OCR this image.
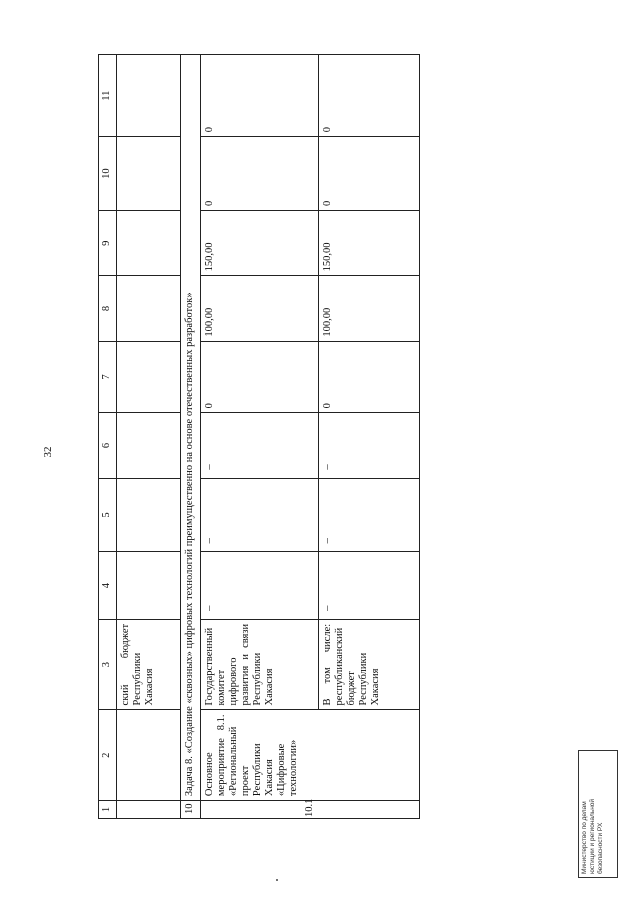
32
1	2	3	4	5	6	7	8	9	10	11
		ский бюджет Республики Хакасия								
10	Задача 8. «Создание «сквозных» цифровых технологий преимущественно на основе отечественных разработок»									
10.1	Основное мероприятие 8.1. «Региональный проект Республики Хакасия «Цифровые технологии»	Государственный комитет цифрового развития и связи Республики Хакасия	–	–	–	0	100,00	150,00	0	0
		В том числе: республиканский бюджет Республики Хакасия	–	–	–	0	100,00	150,00	0	0
Министерство по делам юстиции и региональной безопасности РХ
